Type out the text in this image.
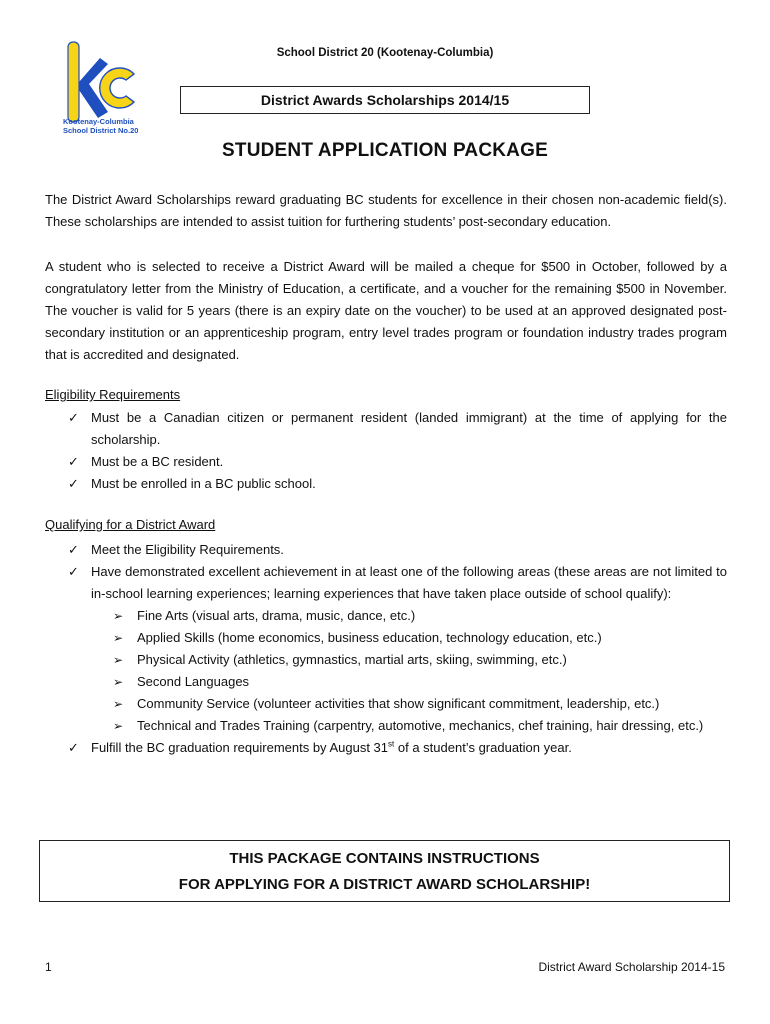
Kootenay-Columbia
School District No.20
School District 20 (Kootenay-Columbia)
District Awards Scholarships 2014/15
STUDENT APPLICATION PACKAGE
The District Award Scholarships reward graduating BC students for excellence in their chosen non-academic field(s). These scholarships are intended to assist tuition for furthering students’ post-secondary education.
A student who is selected to receive a District Award will be mailed a cheque for $500 in October, followed by a congratulatory letter from the Ministry of Education, a certificate, and a voucher for the remaining $500 in November. The voucher is valid for 5 years (there is an expiry date on the voucher) to be used at an approved designated post-secondary institution or an apprenticeship program, entry level trades program or foundation industry trades program that is accredited and designated.
Eligibility Requirements
✓ Must be a Canadian citizen or permanent resident (landed immigrant) at the time of applying for the scholarship.
✓ Must be a BC resident.
✓ Must be enrolled in a BC public school.
Qualifying for a District Award
✓ Meet the Eligibility Requirements.
✓ Have demonstrated excellent achievement in at least one of the following areas (these areas are not limited to in-school learning experiences; learning experiences that have taken place outside of school qualify):
➢ Fine Arts (visual arts, drama, music, dance, etc.)
➢ Applied Skills (home economics, business education, technology education, etc.)
➢ Physical Activity (athletics, gymnastics, martial arts, skiing, swimming, etc.)
➢ Second Languages
➢ Community Service (volunteer activities that show significant commitment, leadership, etc.)
➢ Technical and Trades Training (carpentry, automotive, mechanics, chef training, hair dressing, etc.)
✓ Fulfill the BC graduation requirements by August 31st of a student’s graduation year.
THIS PACKAGE CONTAINS INSTRUCTIONS
FOR APPLYING FOR A DISTRICT AWARD SCHOLARSHIP!
1	District Award Scholarship 2014-15
